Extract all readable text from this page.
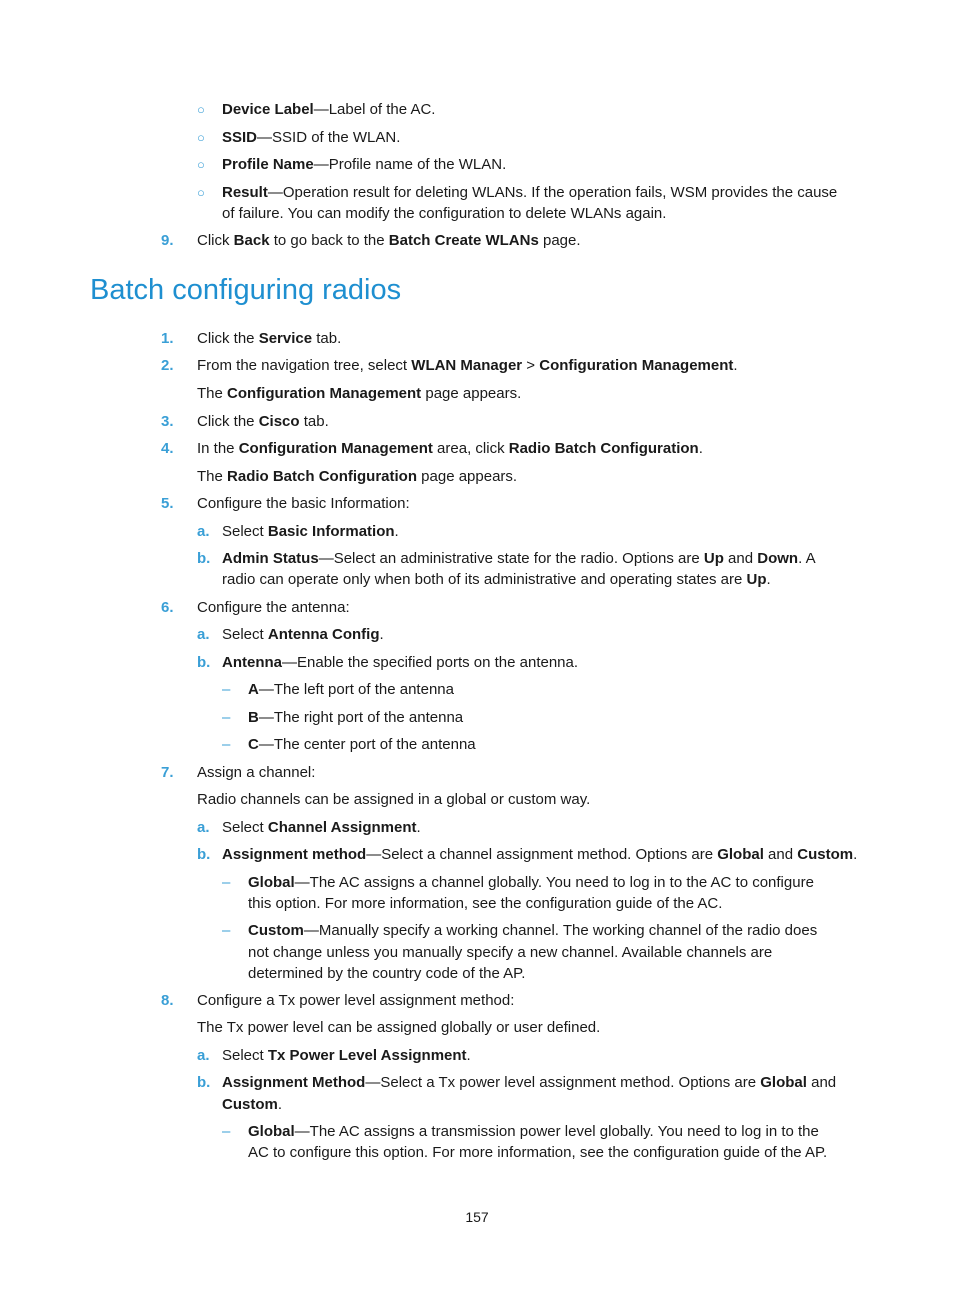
○ Device Label—Label of the AC.
○ SSID—SSID of the WLAN.
○ Profile Name—Profile name of the WLAN.
○ Result—Operation result for deleting WLANs. If the operation fails, WSM provides the cause
of failure. You can modify the configuration to delete WLANs again.
9. Click Back to go back to the Batch Create WLANs page.
Batch configuring radios
1. Click the Service tab.
2. From the navigation tree, select WLAN Manager > Configuration Management.
The Configuration Management page appears.
3. Click the Cisco tab.
4. In the Configuration Management area, click Radio Batch Configuration.
The Radio Batch Configuration page appears.
5. Configure the basic Information:
a. Select Basic Information.
b. Admin Status—Select an administrative state for the radio. Options are Up and Down. A
radio can operate only when both of its administrative and operating states are Up.
6. Configure the antenna:
a. Select Antenna Config.
b. Antenna—Enable the specified ports on the antenna.
– A—The left port of the antenna
– B—The right port of the antenna
– C—The center port of the antenna
7. Assign a channel:
Radio channels can be assigned in a global or custom way.
a. Select Channel Assignment.
b. Assignment method—Select a channel assignment method. Options are Global and Custom.
– Global—The AC assigns a channel globally. You need to log in to the AC to configure
this option. For more information, see the configuration guide of the AC.
– Custom—Manually specify a working channel. The working channel of the radio does
not change unless you manually specify a new channel. Available channels are
determined by the country code of the AP.
8. Configure a Tx power level assignment method:
The Tx power level can be assigned globally or user defined.
a. Select Tx Power Level Assignment.
b. Assignment Method—Select a Tx power level assignment method. Options are Global and
Custom.
– Global—The AC assigns a transmission power level globally. You need to log in to the
AC to configure this option. For more information, see the configuration guide of the AP.
157
